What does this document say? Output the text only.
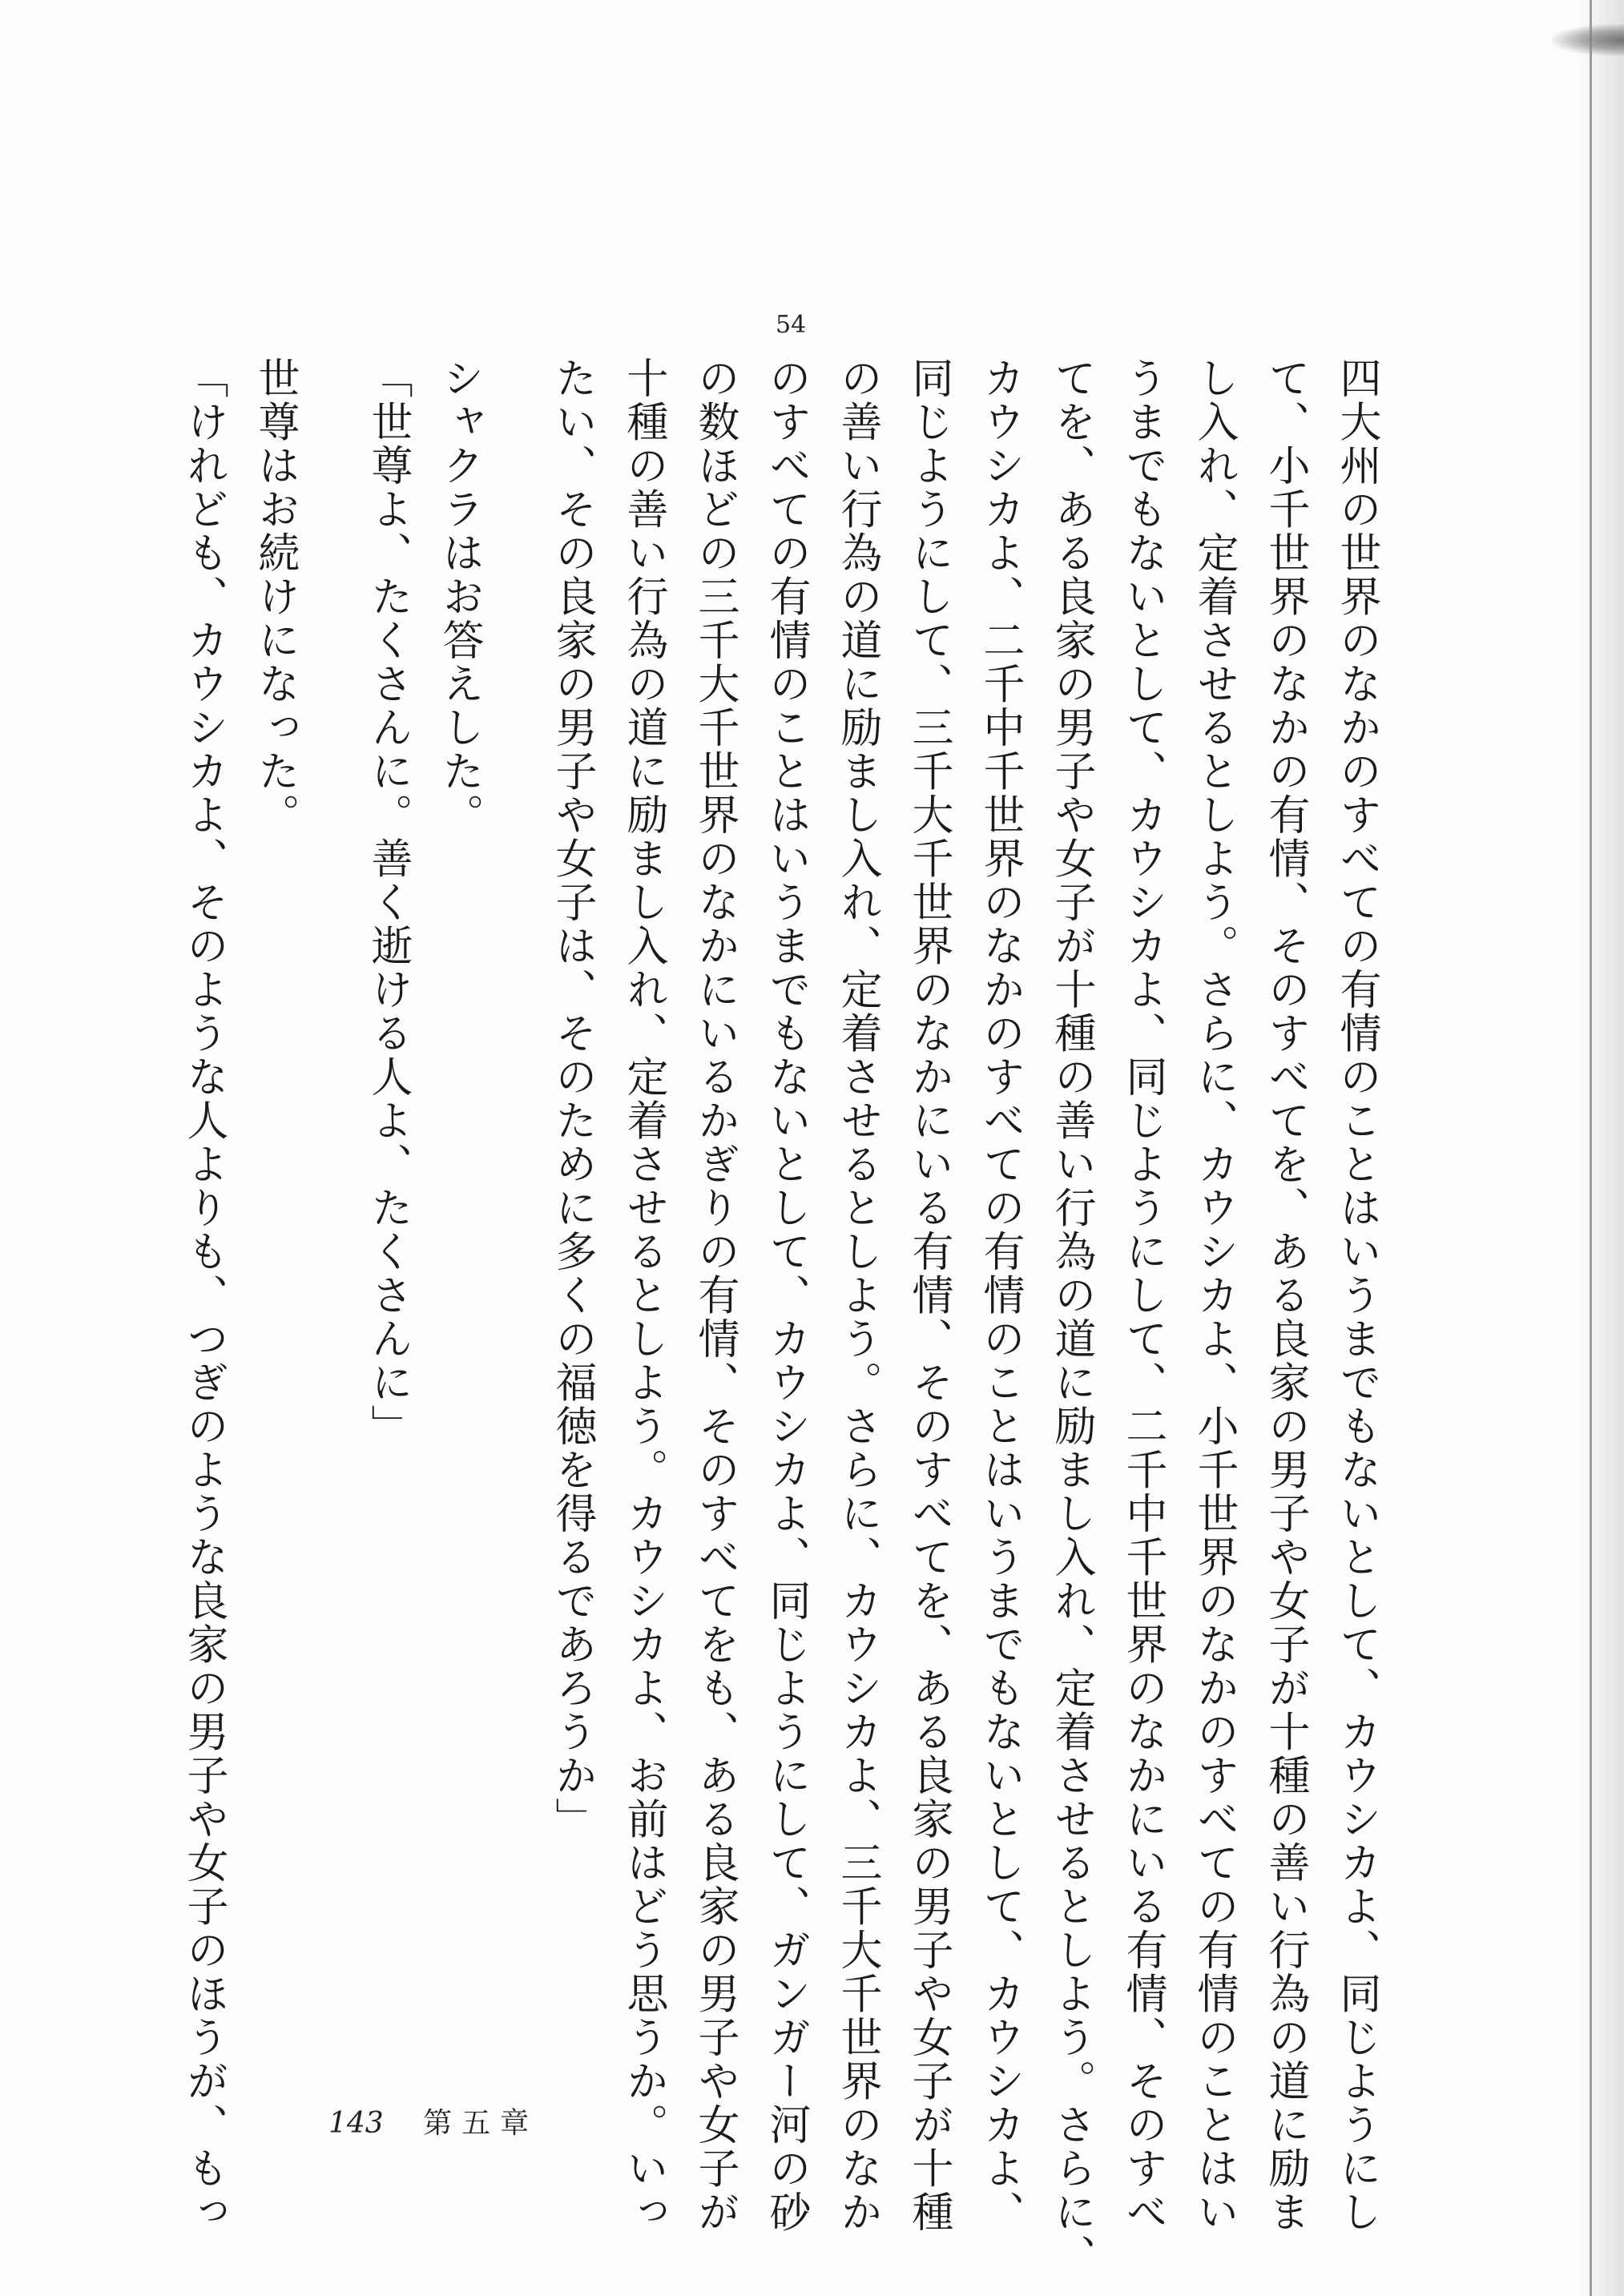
54
四大州の世界のなかのすべての有情のことはいうまでもないとして、カウシカよ、同じようにし
て、小千世界のなかの有情、そのすべてを、ある良家の男子や女子が十種の善い行為の道に励ま
し入れ、定着させるとしよう。さらに、カウシカよ、小千世界のなかのすべての有情のことはい
うまでもないとして、カウシカよ、同じようにして、二千中千世界のなかにいる有情、そのすべ
てを、ある良家の男子や女子が十種の善い行為の道に励まし入れ、定着させるとしよう。さらに、
カウシカよ、二千中千世界のなかのすべての有情のことはいうまでもないとして、カウシカよ、
同じようにして、三千大千世界のなかにいる有情、そのすべてを、ある良家の男子や女子が十種
の善い行為の道に励まし入れ、定着させるとしよう。さらに、カウシカよ、三千大千世界のなか
のすべての有情のことはいうまでもないとして、カウシカよ、同じようにして、ガンガー河の砂
の数ほどの三千大千世界のなかにいるかぎりの有情、そのすべてをも、ある良家の男子や女子が
十種の善い行為の道に励まし入れ、定着させるとしよう。カウシカよ、お前はどう思うか。いっ
たい、その良家の男子や女子は、そのために多くの福徳を得るであろうか」
シャクラはお答えした。
「世尊よ、たくさんに。善く逝ける人よ、たくさんに」
世尊はお続けになった。
「けれども、カウシカよ、そのような人よりも、つぎのような良家の男子や女子のほうが、もっ	143 第五章
